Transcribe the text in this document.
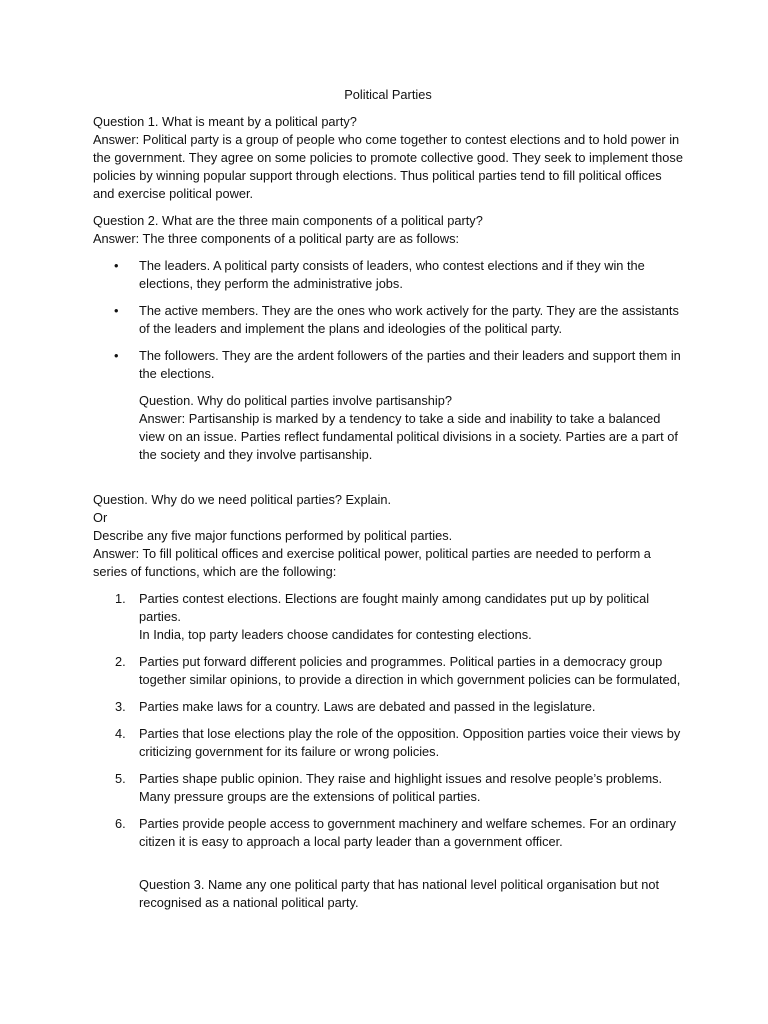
Political Parties

Question 1. What is meant by a political party?

Answer: Political party is a group of people who come together to contest elections and to hold power in the government. They agree on some policies to promote collective good. They seek to implement those policies by winning popular support through elections. Thus political parties tend to fill political offices and exercise political power.

Question 2. What are the three main components of a political party?

Answer: The three components of a political party are as follows:

• The leaders. A political party consists of leaders, who contest elections and if they win the elections, they perform the administrative jobs.
• The active members. They are the ones who work actively for the party. They are the assistants of the leaders and implement the plans and ideologies of the political party.
• The followers. They are the ardent followers of the parties and their leaders and support them in the elections.

Question. Why do political parties involve partisanship?

Answer: Partisanship is marked by a tendency to take a side and inability to take a balanced view on an issue. Parties reflect fundamental political divisions in a society. Parties are a part of the society and they involve partisanship.

Question. Why do we need political parties? Explain.

Or

Describe any five major functions performed by political parties.

Answer: To fill political offices and exercise political power, political parties are needed to perform a series of functions, which are the following:

1. Parties contest elections. Elections are fought mainly among candidates put up by political parties.
In India, top party leaders choose candidates for contesting elections.
2. Parties put forward different policies and programmes. Political parties in a democracy group together similar opinions, to provide a direction in which government policies can be formulated,
3. Parties make laws for a country. Laws are debated and passed in the legislature.
4. Parties that lose elections play the role of the opposition. Opposition parties voice their views by criticizing government for its failure or wrong policies.
5. Parties shape public opinion. They raise and highlight issues and resolve people’s problems. Many pressure groups are the extensions of political parties.
6. Parties provide people access to government machinery and welfare schemes. For an ordinary citizen it is easy to approach a local party leader than a government officer.

Question 3. Name any one political party that has national level political organisation but not recognised as a national political party.
